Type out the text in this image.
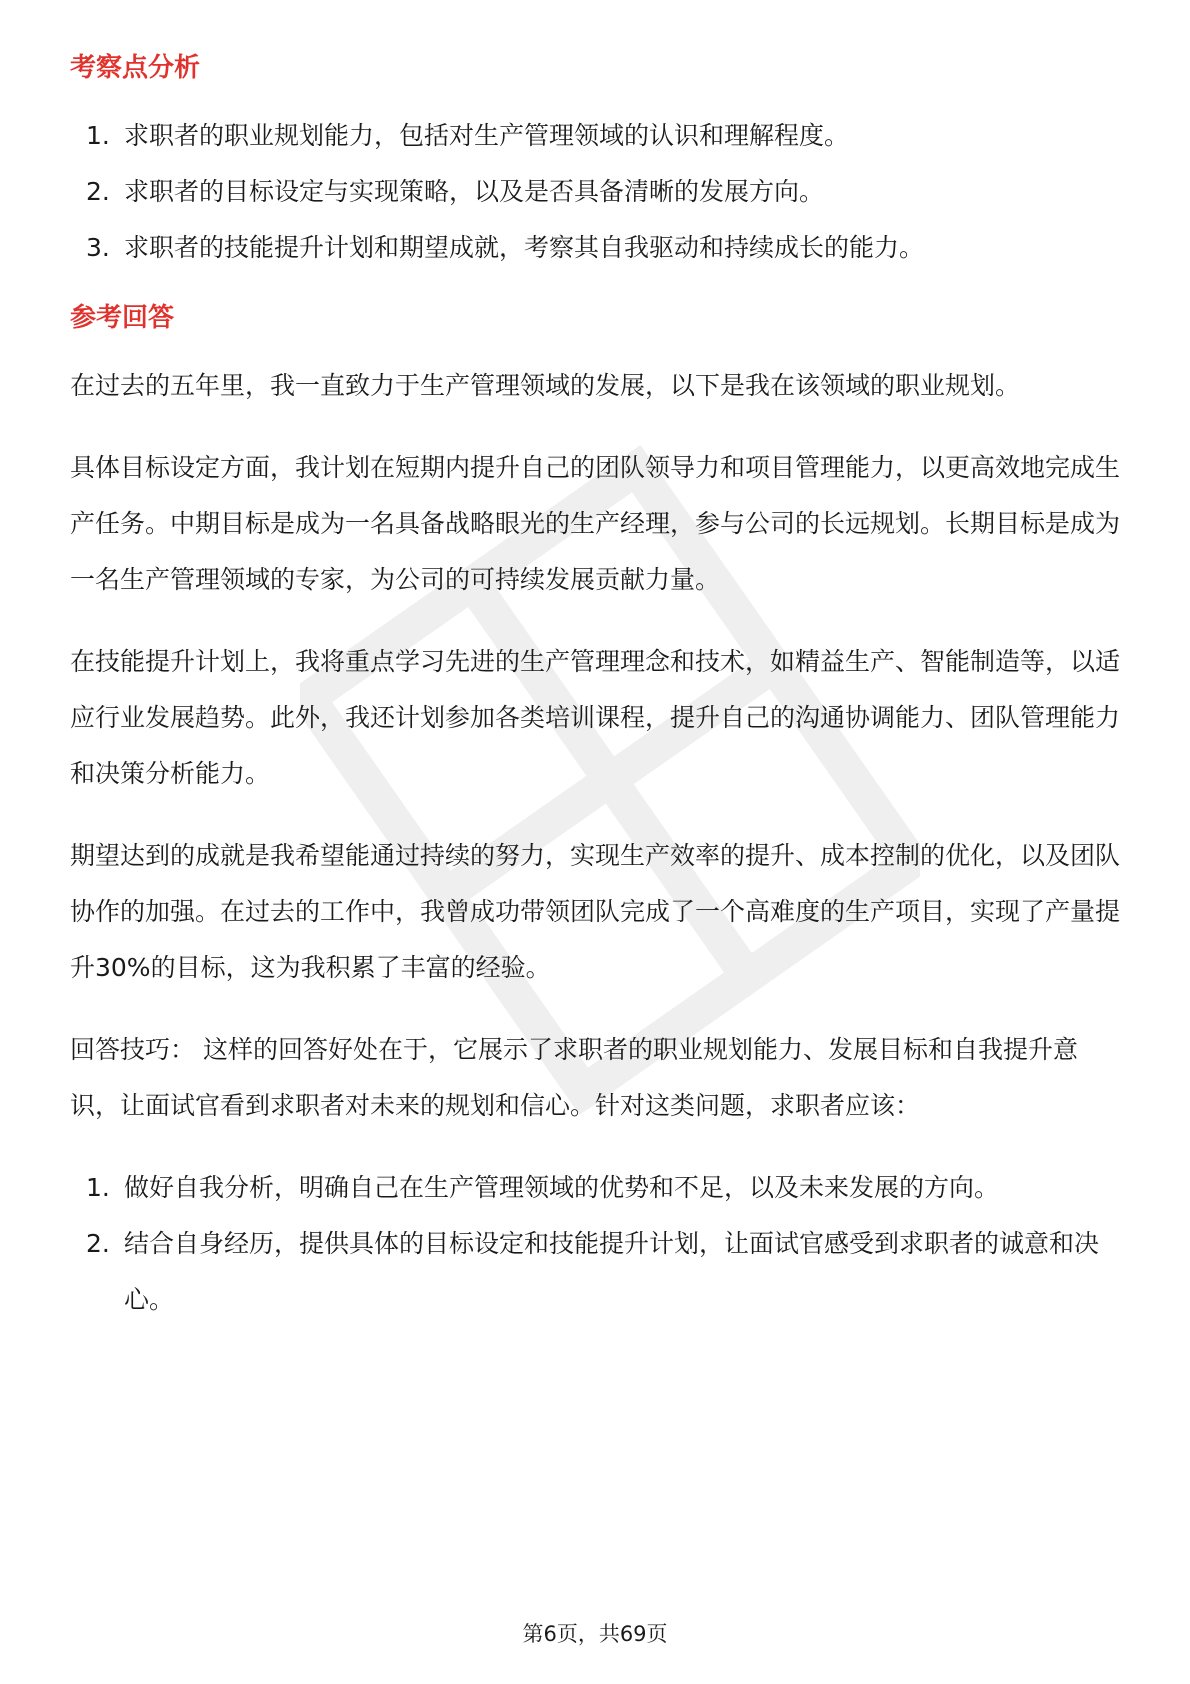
考察点分析
1. 求职者的职业规划能力，包括对生产管理领域的认识和理解程度。
2. 求职者的目标设定与实现策略，以及是否具备清晰的发展方向。
3. 求职者的技能提升计划和期望成就，考察其自我驱动和持续成长的能力。
参考回答

在过去的五年里，我一直致力于生产管理领域的发展，以下是我在该领域的职业规划。

具体目标设定方面，我计划在短期内提升自己的团队领导力和项目管理能力，以更高效地完成生产任务。中期目标是成为一名具备战略眼光的生产经理，参与公司的长远规划。长期目标是成为一名生产管理领域的专家，为公司的可持续发展贡献力量。

在技能提升计划上，我将重点学习先进的生产管理理念和技术，如精益生产、智能制造等，以适应行业发展趋势。此外，我还计划参加各类培训课程，提升自己的沟通协调能力、团队管理能力和决策分析能力。

期望达到的成就是我希望能通过持续的努力，实现生产效率的提升、成本控制的优化，以及团队协作的加强。在过去的工作中，我曾成功带领团队完成了一个高难度的生产项目，实现了产量提升30%的目标，这为我积累了丰富的经验。

回答技巧： 这样的回答好处在于，它展示了求职者的职业规划能力、发展目标和自我提升意识，让面试官看到求职者对未来的规划和信心。针对这类问题，求职者应该：

1. 做好自我分析，明确自己在生产管理领域的优势和不足，以及未来发展的方向。
2. 结合自身经历，提供具体的目标设定和技能提升计划，让面试官感受到求职者的诚意和决心。
第6页，共69页
